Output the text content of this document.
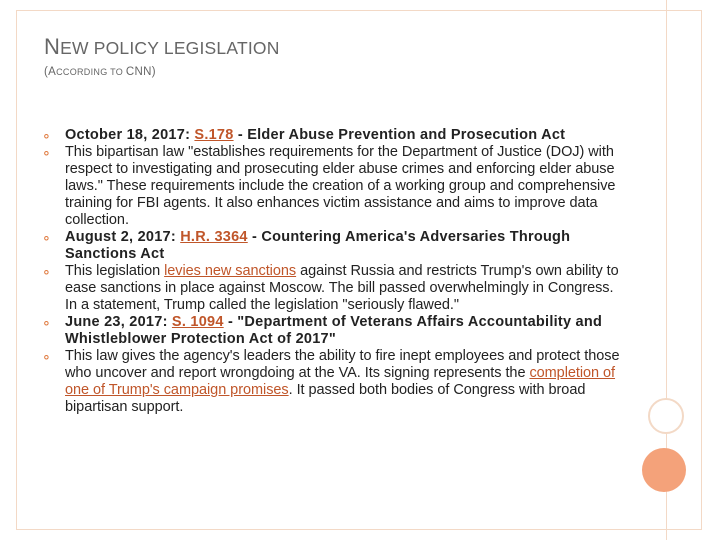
NEW POLICY LEGISLATION

(ACCORDING TO CNN)

⚬ October 18, 2017: S.178 - Elder Abuse Prevention and Prosecution Act
⚬ This bipartisan law "establishes requirements for the Department of Justice (DOJ) with respect to investigating and prosecuting elder abuse crimes and enforcing elder abuse laws." These requirements include the creation of a working group and comprehensive training for FBI agents. It also enhances victim assistance and aims to improve data collection.
⚬ August 2, 2017: H.R. 3364 - Countering America's Adversaries Through Sanctions Act
⚬ This legislation levies new sanctions against Russia and restricts Trump's own ability to ease sanctions in place against Moscow. The bill passed overwhelmingly in Congress. In a statement, Trump called the legislation "seriously flawed."
⚬ June 23, 2017: S. 1094 - "Department of Veterans Affairs Accountability and Whistleblower Protection Act of 2017"
⚬ This law gives the agency's leaders the ability to fire inept employees and protect those who uncover and report wrongdoing at the VA. Its signing represents the completion of one of Trump's campaign promises. It passed both bodies of Congress with broad bipartisan support.
